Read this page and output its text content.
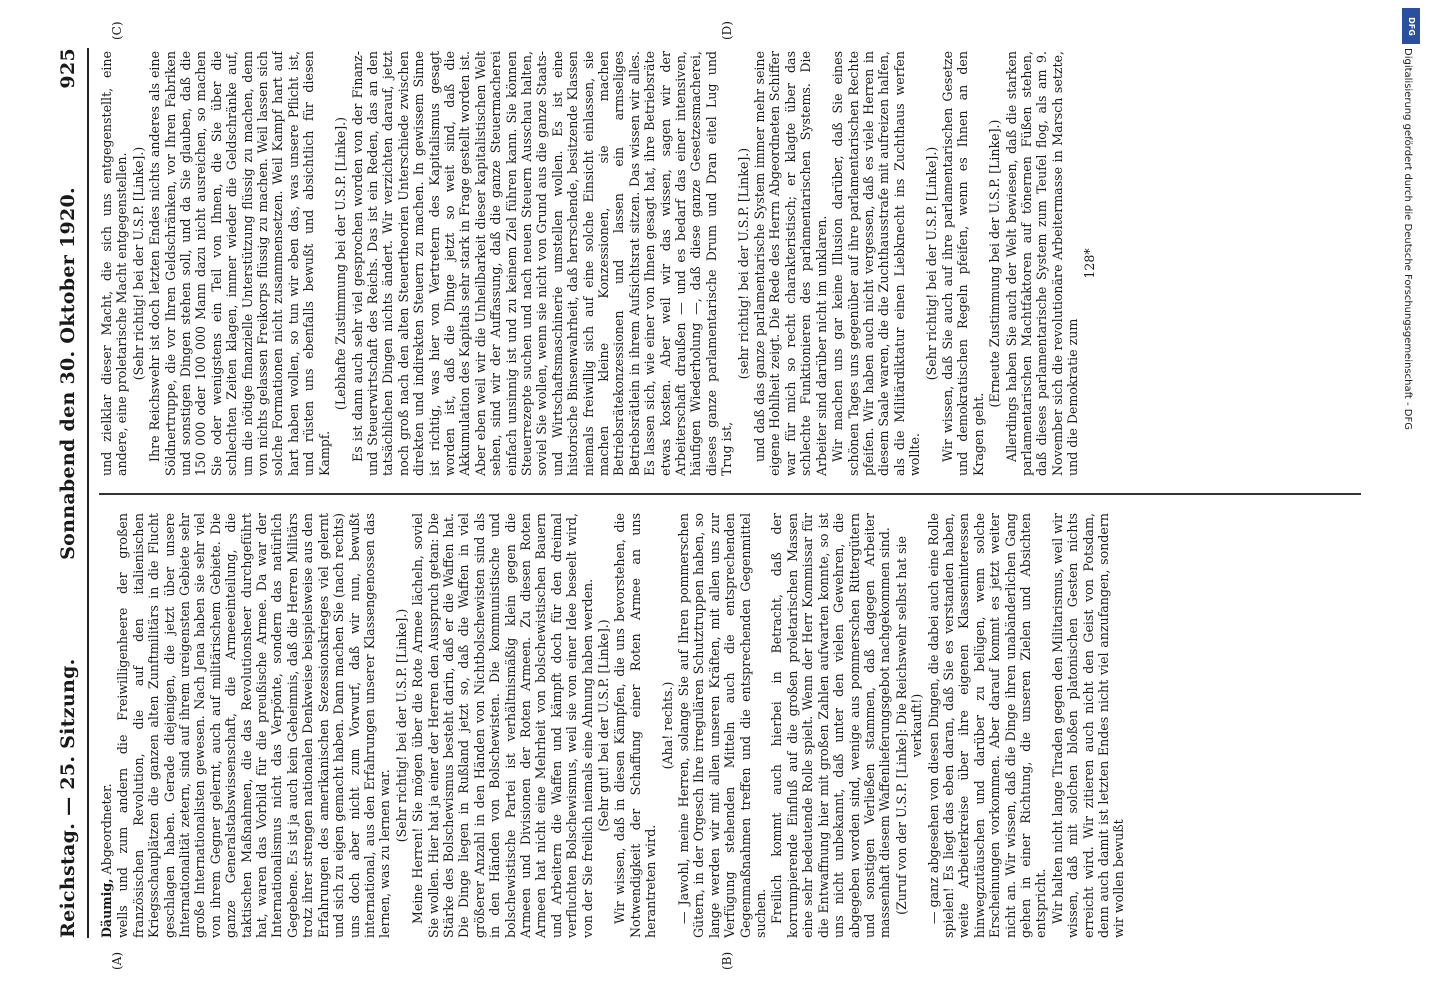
Reichstag. — 25. Sitzung.
Sonnabend den 30. Oktober 1920.
925

Däumig, Abgeordneter. wells und zum andern die Freiwilligenheere der großen französischen Revolution, die auf den italienischen Kriegsschauplätzen die ganzen alten Zunftmilitärs in die Flucht geschlagen haben. Gerade diejenigen, die jetzt über unsere Internationalität zetern, sind auf ihrem ureigensten Gebiete sehr große Internationalisten gewesen. Nach Jena haben sie sehr viel von ihrem Gegner gelernt, auch auf militärischem Gebiete. Die ganze Generalstabswissenschaft, die Armeeeinteilung, die taktischen Maßnahmen, die das Revolutionsheer durchgeführt hat, waren das Vorbild für die preußische Armee. Da war der Internationalismus nicht das Verpönte, sondern das natürlich Gegebene. Es ist ja auch kein Geheimnis, daß die Herren Militärs trotz ihrer strengen nationalen Denkweise beispielsweise aus den Erfahrungen des amerikanischen Sezessionskrieges viel gelernt und sich zu eigen gemacht haben. Dann machen Sie (nach rechts) uns doch aber nicht zum Vorwurf, daß wir nun, bewußt international, aus den Erfahrungen unserer Klassengenossen das lernen, was zu lernen war.

(Sehr richtig! bei der U.S.P. [Linke].) Meine Herren! Sie mögen über die Rote Armee lächeln, soviel Sie wollen. Hier hat ja einer der Herren den Ausspruch getan: Die Stärke des Bolschewismus besteht darin, daß er die Waffen hat. Die Dinge liegen in Rußland jetzt so, daß die Waffen in viel größerer Anzahl in den Händen von Nichtbolschewisten sind als in den Händen von Bolschewisten. Die kommunistische und bolschewistische Partei ist verhältnismäßig klein gegen die Armeen und Divisionen der Roten Armeen. Zu diesen Roten Armeen hat nicht eine Mehrheit von bolschewistischen Bauern und Arbeitern die Waffen und kämpft doch für den dreimal verfluchten Bolschewismus, weil sie von einer Idee beseelt wird, von der Sie freilich niemals eine Ahnung haben werden. (Sehr gut! bei der U.S.P. [Linke].) Wir wissen, daß in diesen Kämpfen, die uns bevorstehen, die Notwendigkeit der Schaffung einer Roten Armee an uns herantreten wird.

(Aha! rechts.) — Jawohl, meine Herren, solange Sie auf Ihren pommerschen Gütern, in der Orgesch Ihre irregulären Schutztruppen haben, so lange werden wir mit allen unseren Kräften, mit allen uns zur Verfügung stehenden Mitteln auch die entsprechenden Gegenmaßnahmen treffen und die entsprechenden Gegenmittel suchen. Freilich kommt auch hierbei in Betracht, daß der korrumpierende Einfluß auf die großen proletarischen Massen eine sehr bedeutende Rolle spielt. Wenn der Herr Kommissar für die Entwaffnung hier mit großen Zahlen aufwarten konnte, so ist uns nicht unbekannt, daß unter den vielen Gewehren, die abgegeben worden sind, wenige aus pommerschen Rittergütern und sonstigen Verließen stammen, daß dagegen Arbeiter massenhaft diesem Waffenlieferungsgebot nachgekommen sind. (Zuruf von der U.S.P. [Linke]: Die Reichswehr selbst hat sie verkauft!) — ganz abgesehen von diesen Dingen, die dabei auch eine Rolle spielen! Es liegt das eben daran, daß Sie es verstanden haben, weite Arbeiterkreise über ihre eigenen Klasseninteressen hinwegzutäuschen und darüber zu belügen, wenn solche Erscheinungen vorkommen. Aber darauf kommt es jetzt weiter nicht an. Wir wissen, daß die Dinge ihren unabänderlichen Gang gehen in einer Richtung, die unseren Zielen und Absichten entspricht. Wir halten nicht lange Tiraden gegen den Militarismus, weil wir wissen, daß mit solchen bloßen platonischen Gesten nichts erreicht wird. Wir zitieren auch nicht den Geist von Potsdam, denn auch damit ist letzten Endes nicht viel anzufangen, sondern wir wollen bewußt

und zielklar dieser Macht, die sich uns entgegenstellt, eine andere, eine proletarische Macht entgegenstellen. (Sehr richtig! bei der U.S.P. [Linke].) Ihre Reichswehr ist doch letzten Endes nichts anderes als eine Söldnertruppe, die vor Ihren Geldschränken, vor Ihren Fabriken und sonstigen Dingen stehen soll, und da Sie glauben, daß die 150 000 oder 100 000 Mann dazu nicht ausreichen, so machen Sie oder wenigstens ein Teil von Ihnen, die Sie über die schlechten Zeiten klagen, immer wieder die Geldschränke auf, um die nötige finanzielle Unterstützung flüssig zu machen, denn von nichts gelassen Freikorps flüssig zu machen. Weil lassen sich solche Formationen nicht zusammensetzen. Weil Kampf hart auf hart haben wollen, so tun wir eben das, was unsere Pflicht ist, und rüsten uns ebenfalls bewußt und absichtlich für diesen Kampf.

(Lebhafte Zustimmung bei der U.S.P. [Linke].) Es ist dann auch sehr viel gesprochen worden von der Finanz- und Steuerwirtschaft des Reichs. Das ist ein Reden, das an den tatsächlichen Dingen nichts ändert. Wir verzichten darauf, jetzt noch groß nach den alten Steuertheorien Unterschiede zwischen direkten und indirekten Steuern zu machen. In gewissem Sinne ist richtig, was hier von Vertretern des Kapitalismus gesagt worden ist, daß die Dinge jetzt so weit sind, daß die Akkumulation des Kapitals sehr stark in Frage gestellt worden ist. Aber eben weil wir die Unheilbarkeit dieser kapitalistischen Welt sehen, sind wir der Auffassung, daß die ganze Steuermacherei einfach unsinnig ist und zu keinem Ziel führen kann. Sie können Steuerrezepte suchen und nach neuen Steuern Ausschau halten, soviel Sie wollen, wenn sie nicht von Grund aus die ganze Staats- und Wirtschaftsmaschinerie umstellen wollen. Es ist eine historische Binsenwahrheit, daß herrschende, besitzende Klassen niemals freiwillig sich auf eine solche Einsicht einlassen, sie machen kleine Konzessionen, sie machen Betriebsrätekonzessionen und lassen ein armseliges Betriebsrätlein in ihrem Aufsichtsrat sitzen. Das wissen wir alles. Es lassen sich, wie einer von Ihnen gesagt hat, ihre Betriebsräte etwas kosten. Aber weil wir das wissen, sagen wir der Arbeiterschaft draußen — und es bedarf das einer intensiven, häufigen Wiederholung —, daß diese ganze Gesetzesmacherei, dieses ganze parlamentarische Drum und Dran eitel Lug und Trug ist,

(sehr richtig! bei der U.S.P. [Linke].) und daß das ganze parlamentarische System immer mehr seine eigene Hohlheit zeigt. Die Rede des Herrn Abgeordneten Schiffer war für mich so recht charakteristisch; er klagte über das schlechte Funktionieren des parlamentarischen Systems. Die Arbeiter sind darüber nicht im unklaren. Wir machen uns gar keine Illusion darüber, daß Sie eines schönen Tages uns gegenüber auf ihre parlamentarischen Rechte pfeifen. Wir haben auch nicht vergessen, daß es viele Herren in diesem Saale waren, die die Zuchthausstrafe mit aufreizen halfen, als die Militärdiktatur einen Liebknecht ins Zuchthaus werfen wollte.

(Sehr richtig! bei der U.S.P. [Linke].) Wir wissen, daß Sie auch auf ihre parlamentarischen Gesetze und demokratischen Regeln pfeifen, wenn es Ihnen an den Kragen geht.

(Erneute Zustimmung bei der U.S.P. [Linke].) Allerdings haben Sie auch der Welt bewiesen, daß die starken parlamentarischen Machtfaktoren auf tönernen Füßen stehen, daß dieses parlamentarische System zum Teufel flog, als am 9. November sich die revolutionäre Arbeitermasse in Marsch setzte, und die Demokratie zum

128*

(A)	(B)
(C)	(D)	DFG
Digitalisierung gefördert durch die Deutsche Forschungsgemeinschaft - DFG
